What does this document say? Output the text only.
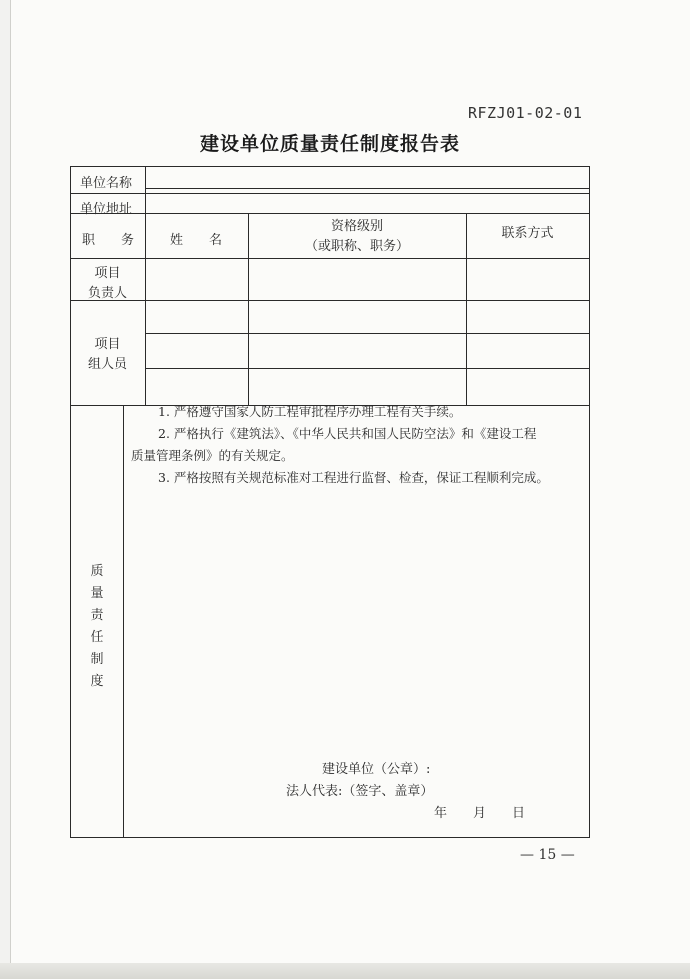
RFZJ01-02-01
建设单位质量责任制度报告表
单位名称
单位地址
职　　务	姓　　名
资格级别
（或职称、职务）
联系方式
项目
负责人
项目
组人员
质
量
责
任
制
度
1. 严格遵守国家人防工程审批程序办理工程有关手续。
2. 严格执行《建筑法》、《中华人民共和国人民防空法》和《建设工程
质量管理条例》的有关规定。
3. 严格按照有关规范标准对工程进行监督、检查，保证工程顺利完成。
建设单位（公章）:
法人代表:（签字、盖章）
年　　月　　日
— 15 —
